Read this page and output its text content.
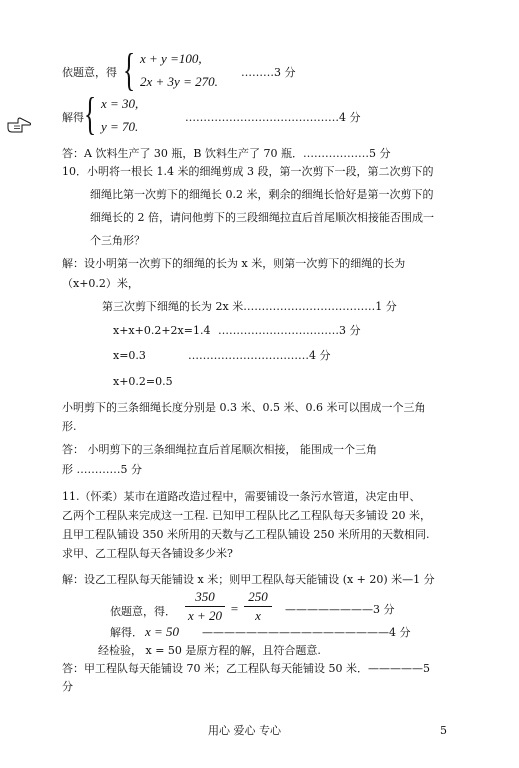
依题意，得 { x + y =100,
2x + 3y = 270.
………3 分
解得 { x = 30,
y = 70.
……………………………………4 分
答：A 饮料生产了 30 瓶，B 饮料生产了 70 瓶．………………5 分
10．小明将一根长 1.4 米的细绳剪成 3 段，第一次剪下一段，第二次剪下的
细绳比第一次剪下的细绳长 0.2 米，剩余的细绳长恰好是第一次剪下的
细绳长的 2 倍，请问他剪下的三段细绳拉直后首尾顺次相接能否围成一
个三角形？
解：设小明第一次剪下的细绳的长为 x 米，则第一次剪下的细绳的长为
（x+0.2）米，
第三次剪下细绳的长为 2x 米………………………………1 分
x+x+0.2+2x=1.4 ……………………………3 分
x=0.3	……………………………4 分
x+0.2=0.5
小明剪下的三条细绳长度分别是 0.3 米、0.5 米、0.6 米可以围成一个三角
形.
答： 小明剪下的三条细绳拉直后首尾顺次相接， 能围成一个三角
形 …………5 分
11.（怀柔）某市在道路改造过程中，需要铺设一条污水管道，决定由甲、
乙两个工程队来完成这一工程. 已知甲工程队比乙工程队每天多铺设 20 米，
且甲工程队铺设 350 米所用的天数与乙工程队铺设 250 米所用的天数相同.
求甲、乙工程队每天各铺设多少米?
解：设乙工程队每天能铺设 x 米；则甲工程队每天能铺设 (x + 20) 米—1 分
依题意，得．
350
x + 20 =
250
x	————————3 分
解得． x = 50 —————————————————4 分
经检验， x = 50 是原方程的解，且符合题意.
答：甲工程队每天能铺设 70 米；乙工程队每天能铺设 50 米．—————5
分
用心 爱心 专心	5
